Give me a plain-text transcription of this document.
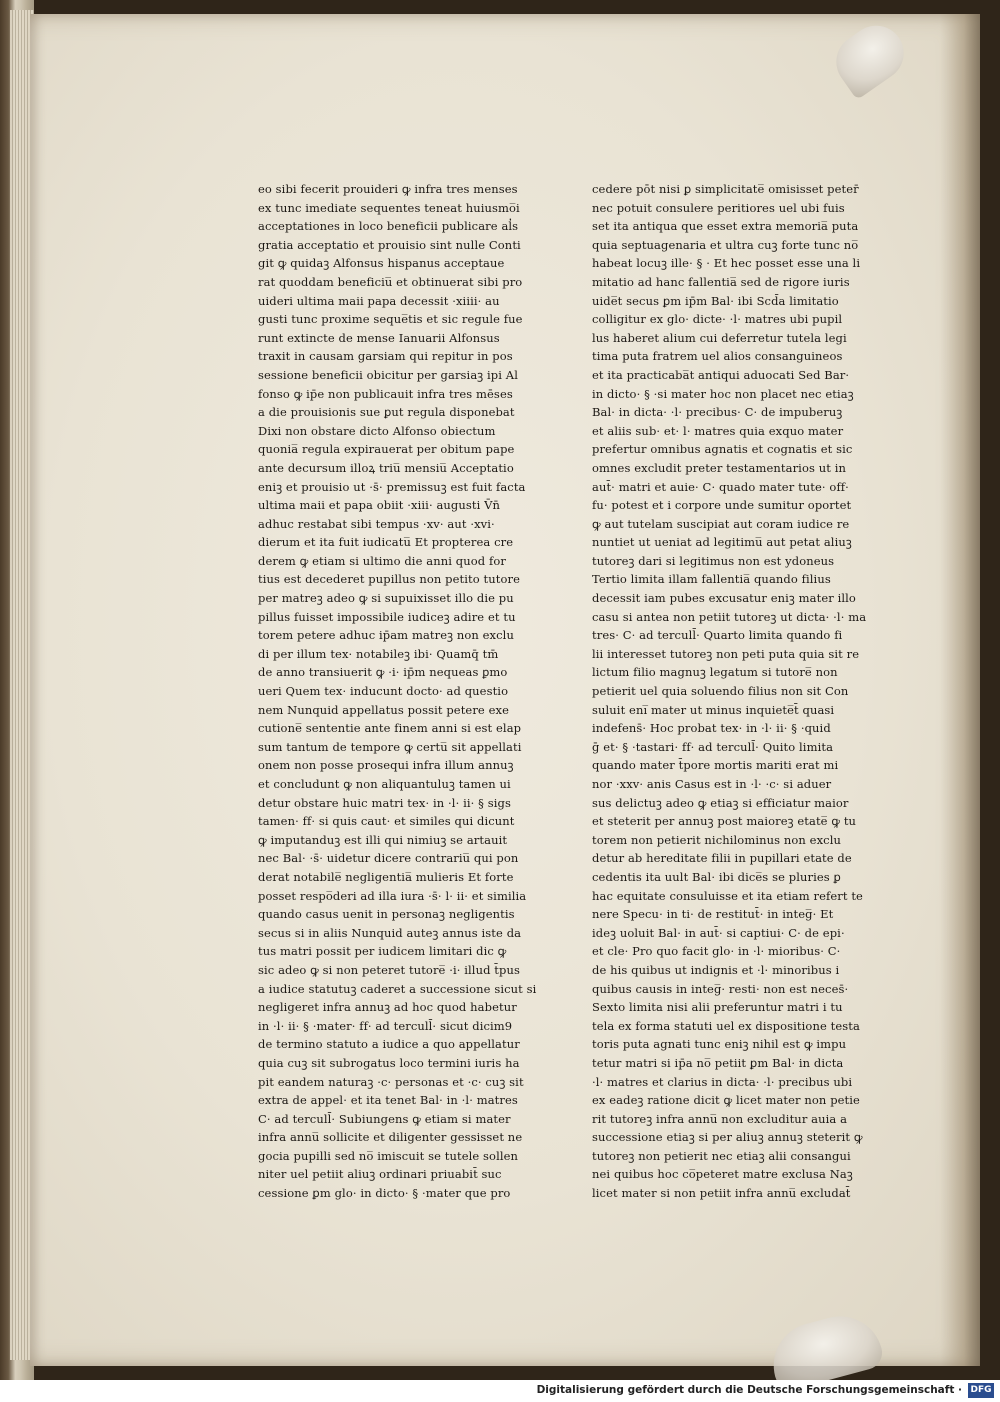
eo sibi fecerit prouideri ꝙ infra tres menses
ex tunc imediate sequentes teneat huiusmo̅i
acceptationes in loco beneficii publicare al̓s
gratia acceptatio et prouisio sint nulle Conti
git ꝙ quidaꝫ Alfonsus hispanus acceptaue
rat quoddam beneficiu̅ et obtinuerat sibi pro
uideri ultima maii papa decessit ·xiiii· au
gusti tunc proxime seque̅tis et sic regule fue
runt extincte de mense Ianuarii Alfonsus
traxit in causam garsiam qui repitur in pos
sessione beneficii obicitur per garsiaꝫ ipi Al
fonso ꝙ ip̄e non publicauit infra tres mēses
a die prouisionis sue ꝑut regula disponebat
Dixi non obstare dicto Alfonso obiectum
quonia̅ regula expirauerat per obitum pape
ante decursum illoꝝ triu̅ mensiu̅ Acceptatio
eniꝫ et prouisio ut ·s̄· premissuꝫ est fuit facta
ultima maii et papa obiit ·xiii· augusti V̄n̄
adhuc restabat sibi tempus ·xv· aut ·xvi·
dierum et ita fuit iudicatu̅ Et propterea cre
derem ꝙ etiam si ultimo die anni quod for
tius est decederet pupillus non petito tutore
per matreꝫ adeo ꝙ si supuixisset illo die pu
pillus fuisset impossibile iudiceꝫ adire et tu
torem petere adhuc ip̄am matreꝫ non exclu
di per illum tex· notabileꝫ ibi· Quamq̄ tm̄
de anno transiuerit ꝙ ·i· ip̄m nequeas ꝑmo
ueri Quem tex· inducunt docto· ad questio
nem Nunquid appellatus possit petere exe
cutione̅ sententie ante finem anni si est elap
sum tantum de tempore ꝙ certu̅ sit appellati
onem non posse prosequi infra illum annuꝫ
et concludunt ꝙ non aliquantuluꝫ tamen ui
detur obstare huic matri tex· in ·l· ii· § sigs
tamen· ff· si quis caut· et similes qui dicunt
ꝙ imputanduꝫ est illi qui nimiuꝫ se artauit
nec Bal· ·s̄· uidetur dicere contrariu̅ qui pon
derat notabile̅ negligentia̅ mulieris Et forte
posset respo̅deri ad illa iura ·s̄· l· ii· et similia
quando casus uenit in personaꝫ negligentis
secus si in aliis Nunquid auteꝫ annus iste da
tus matri possit per iudicem limitari dic ꝙ
sic adeo ꝙ si non peteret tutore̅ ·i· illud t̄pus
a iudice statutuꝫ caderet a successione sicut si
negligeret infra annuꝫ ad hoc quod habetur
in ·l· ii· § ·mater· ff· ad tercull̄· sicut dicim9
de termino statuto a iudice a quo appellatur
quia cuꝫ sit subrogatus loco termini iuris ha
pit eandem naturaꝫ ·c· personas et ·c· cuꝫ sit
extra de appel· et ita tenet Bal· in ·l· matres
C· ad tercull̄· Subiungens ꝙ etiam si mater
infra annu̅ sollicite et diligenter gessisset ne
gocia pupilli sed no̅ imiscuit se tutele sollen
niter uel petiit aliuꝫ ordinari priuabit̄ suc
cessione ꝑm glo· in dicto· § ·mater que pro
cedere pōt nisi ꝑ simplicitate̅ omisisset peter̄
nec potuit consulere peritiores uel ubi fuis
set ita antiqua que esset extra memoria̅ puta
quia septuagenaria et ultra cuꝫ forte tunc no̅
habeat locuꝫ ille· § · Et hec posset esse una li
mitatio ad hanc fallentia̅ sed de rigore iuris
uide̅t secus ꝑm ip̄m Bal· ibi Scd̄a limitatio
colligitur ex glo· dicte· ·l· matres ubi pupil
lus haberet alium cui deferretur tutela legi
tima puta fratrem uel alios consanguineos
et ita practicaba̅t antiqui aduocati Sed Bar·
in dicto· § ·si mater hoc non placet nec etiaꝫ
Bal· in dicta· ·l· precibus· C· de impuberuꝫ
et aliis sub· et· l· matres quia exquo mater
prefertur omnibus agnatis et cognatis et sic
omnes excludit preter testamentarios ut in
aut̄· matri et auie· C· quado mater tute· off·
fu· potest et i corpore unde sumitur oportet
ꝙ aut tutelam suscipiat aut coram iudice re
nuntiet ut ueniat ad legitimu̅ aut petat aliuꝫ
tutoreꝫ dari si legitimus non est ydoneus
Tertio limita illam fallentia̅ quando filius
decessit iam pubes excusatur eniꝫ mater illo
casu si antea non petiit tutoreꝫ ut dicta· ·l· ma
tres· C· ad tercull̄· Quarto limita quando fi
lii interesset tutoreꝫ non peti puta quia sit re
lictum filio magnuꝫ legatum si tutore̅ non
petierit uel quia soluendo filius non sit Con
suluit eni̅ mater ut minus inquiete̅t̄ quasi
indefens̄· Hoc probat tex· in ·l· ii· § ·quid
ḡ et· § ·tastari· ff· ad tercull̄· Quito limita
quando mater t̄pore mortis mariti erat mi
nor ·xxv· anis Casus est in ·l· ·c· si aduer
sus delictuꝫ adeo ꝙ etiaꝫ si efficiatur maior
et steterit per annuꝫ post maioreꝫ etate̅ ꝙ tu
torem non petierit nichilominus non exclu
detur ab hereditate filii in pupillari etate de
cedentis ita uult Bal· ibi dice̅s se pluries ꝑ
hac equitate consuluisse et ita etiam refert te
nere Specu· in ti· de restitut̄· in integ̅· Et
ideꝫ uoluit Bal· in aut̄· si captiui· C· de epi·
et cle· Pro quo facit glo· in ·l· mioribus· C·
de his quibus ut indignis et ·l· minoribus i
quibus causis in integ̅· resti· non est neces̄·
Sexto limita nisi alii preferuntur matri i tu
tela ex forma statuti uel ex dispositione testa
toris puta agnati tunc eniꝫ nihil est ꝙ impu
tetur matri si ip̄a no̅ petiit ꝑm Bal· in dicta
·l· matres et clarius in dicta· ·l· precibus ubi
ex eadeꝫ ratione dicit ꝙ licet mater non petie
rit tutoreꝫ infra annu̅ non excluditur auia a
successione etiaꝫ si per aliuꝫ annuꝫ steterit ꝙ
tutoreꝫ non petierit nec etiaꝫ alii consangui
nei quibus hoc co̅peteret matre exclusa Naꝫ
licet mater si non petiit infra annu̅ excludat̄
Digitalisierung gefördert durch die Deutsche Forschungsgemeinschaft · DFG
